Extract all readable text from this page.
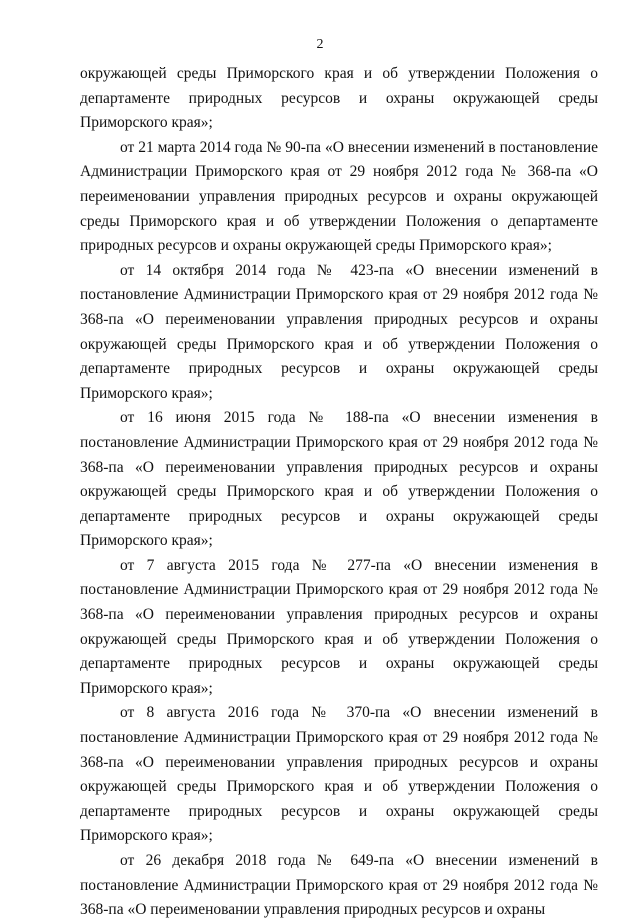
2

окружающей среды Приморского края и об утверждении Положения о департаменте природных ресурсов и охраны окружающей среды Приморского края»;

от 21 марта 2014 года № 90-па «О внесении изменений в постановление Администрации Приморского края от 29 ноября 2012 года № 368-па «О переименовании управления природных ресурсов и охраны окружающей среды Приморского края и об утверждении Положения о департаменте природных ресурсов и охраны окружающей среды Приморского края»;

от 14 октября 2014 года № 423-па «О внесении изменений в постановление Администрации Приморского края от 29 ноября 2012 года № 368-па «О переименовании управления природных ресурсов и охраны окружающей среды Приморского края и об утверждении Положения о департаменте природных ресурсов и охраны окружающей среды Приморского края»;

от 16 июня 2015 года № 188-па «О внесении изменения в постановление Администрации Приморского края от 29 ноября 2012 года № 368-па «О переименовании управления природных ресурсов и охраны окружающей среды Приморского края и об утверждении Положения о департаменте природных ресурсов и охраны окружающей среды Приморского края»;

от 7 августа 2015 года № 277-па «О внесении изменения в постановление Администрации Приморского края от 29 ноября 2012 года № 368-па «О переименовании управления природных ресурсов и охраны окружающей среды Приморского края и об утверждении Положения о департаменте природных ресурсов и охраны окружающей среды Приморского края»;

от 8 августа 2016 года № 370-па «О внесении изменений в постановление Администрации Приморского края от 29 ноября 2012 года № 368-па «О переименовании управления природных ресурсов и охраны окружающей среды Приморского края и об утверждении Положения о департаменте природных ресурсов и охраны окружающей среды Приморского края»;

от 26 декабря 2018 года № 649-па «О внесении изменений в постановление Администрации Приморского края от 29 ноября 2012 года № 368-па «О переименовании управления природных ресурсов и охраны
